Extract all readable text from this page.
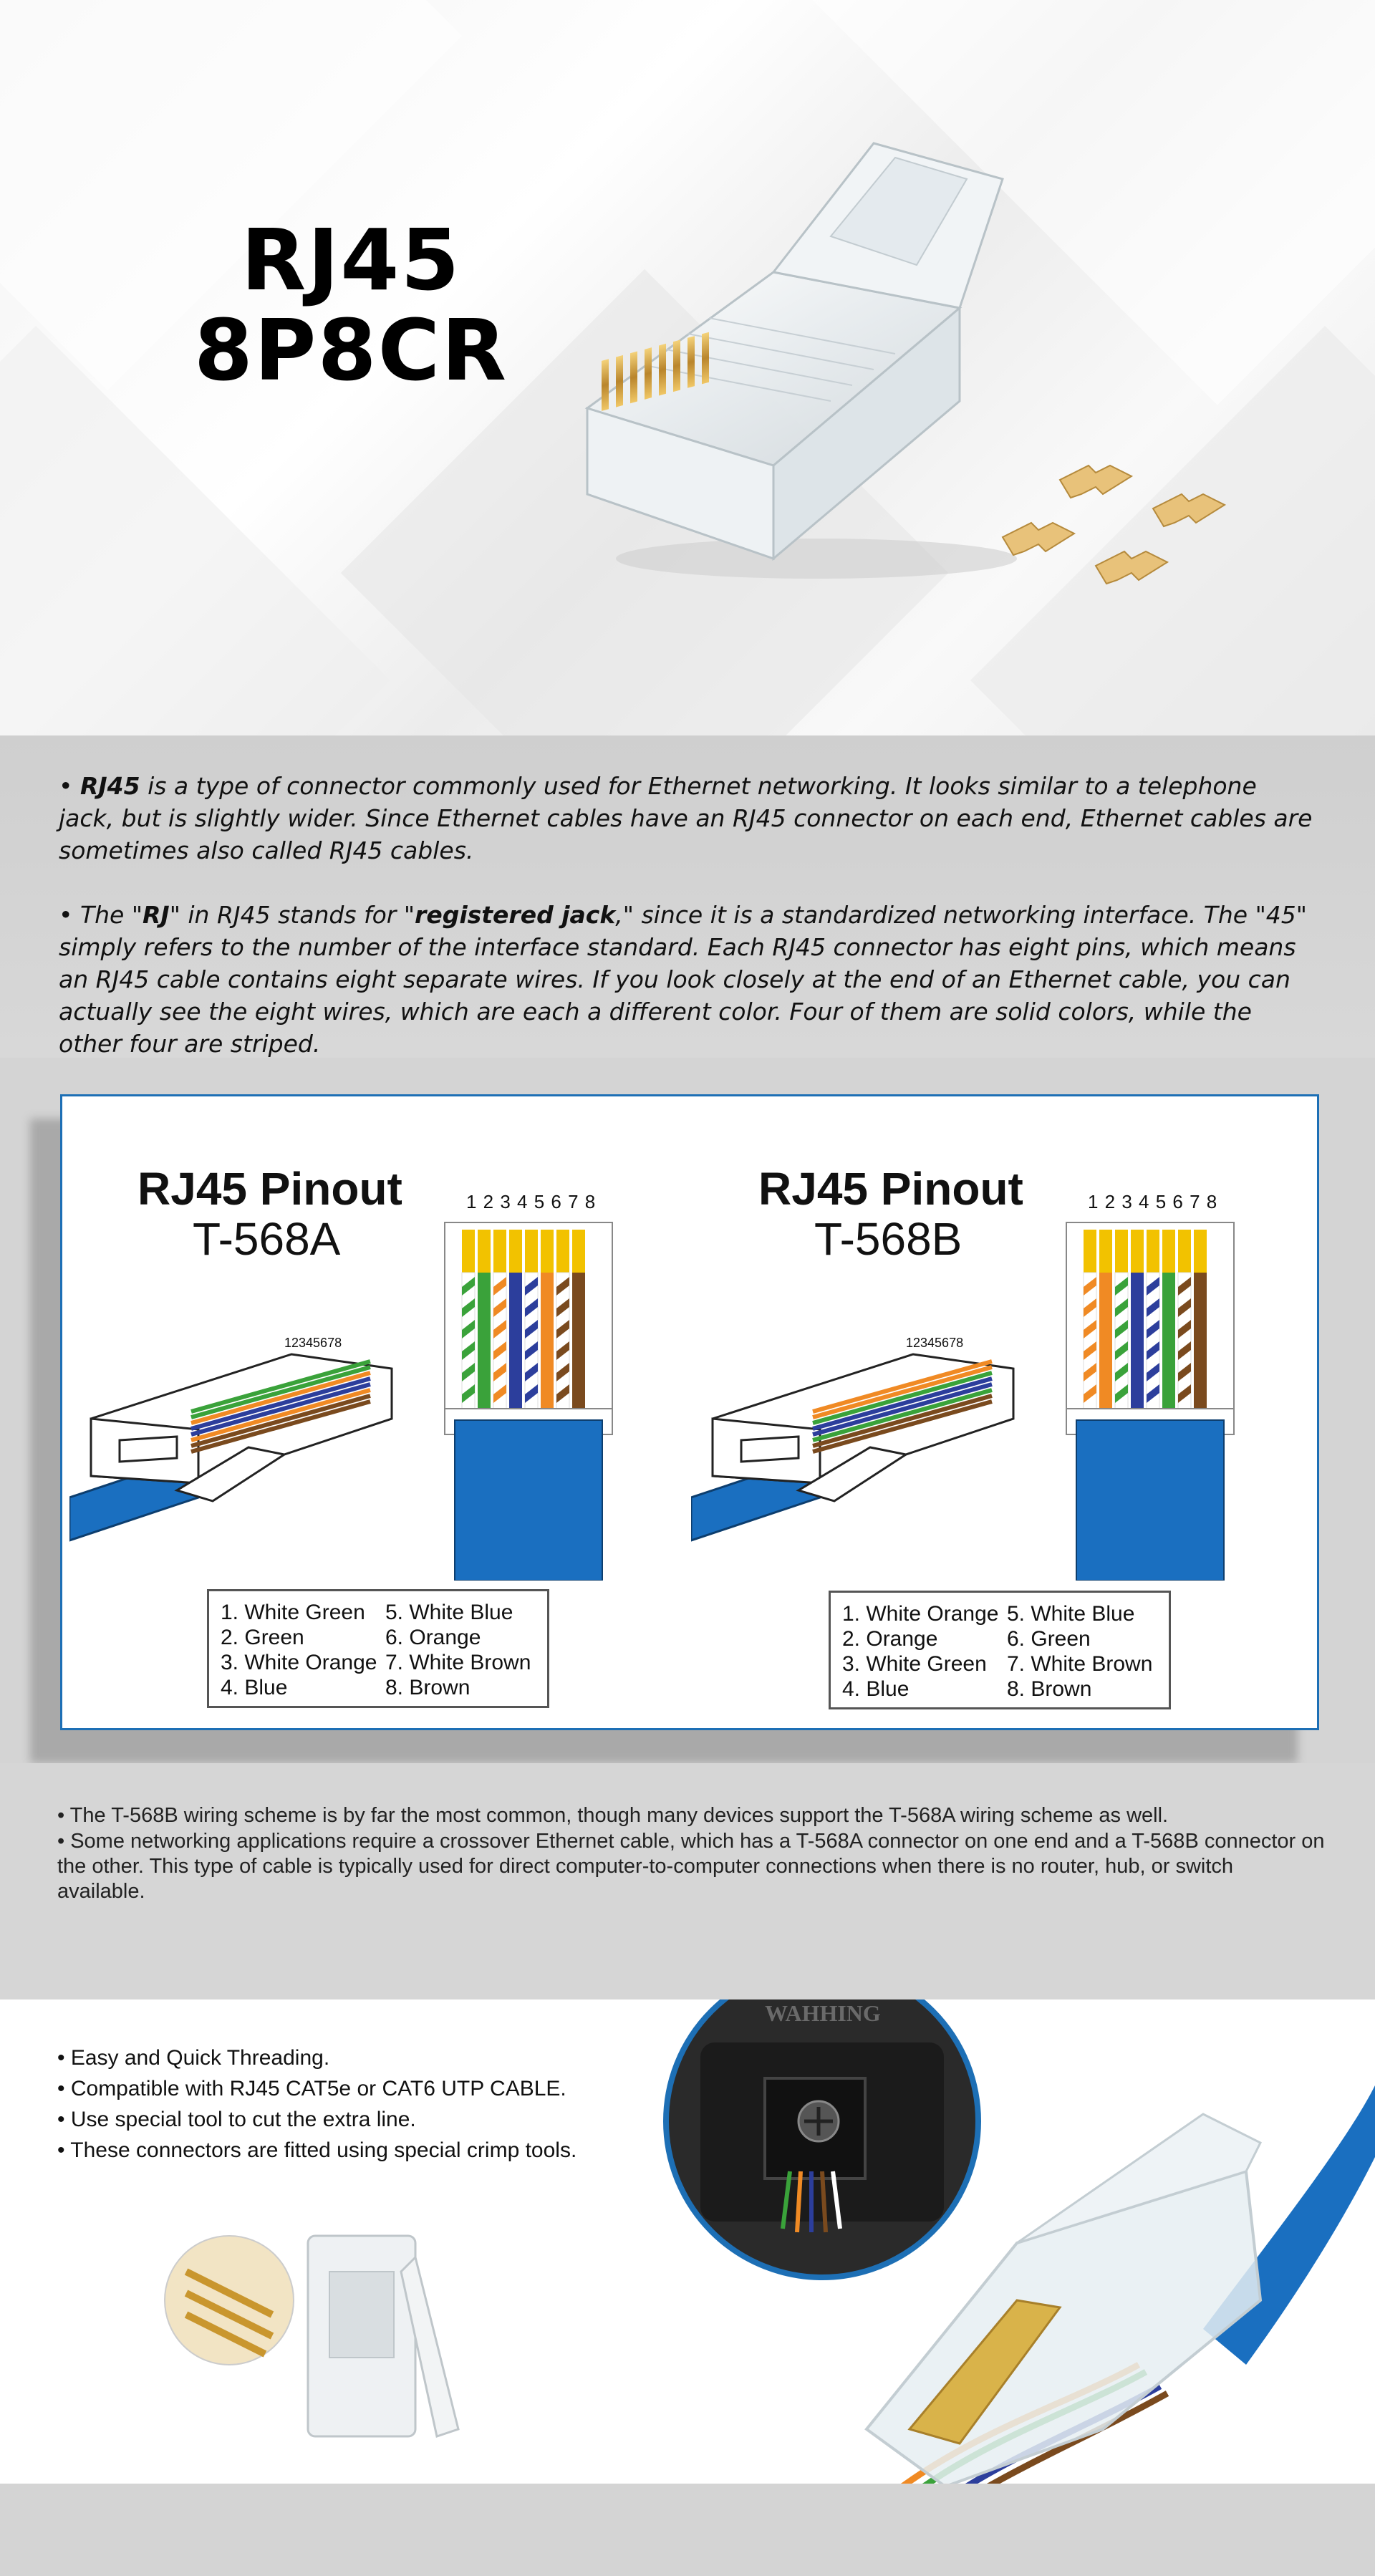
RJ45
8P8CR
• RJ45 is a type of connector commonly used for Ethernet networking. It looks similar to a telephone jack, but is slightly wider. Since Ethernet cables have an RJ45 connector on each end, Ethernet cables are sometimes also called RJ45 cables.
• The "RJ" in RJ45 stands for "registered jack," since it is a standardized networking interface. The "45" simply refers to the number of the interface standard. Each RJ45 connector has eight pins, which means an RJ45 cable contains eight separate wires. If you look closely at the end of an Ethernet cable, you can actually see the eight wires, which are each a different color. Four of them are solid colors, while the other four are striped.
RJ45 Pinout
T-568A
1 2 3 4 5 6 7 8
12345678
1. White Green
2. Green
3. White Orange
4. Blue
5. White Blue
6. Orange
7. White Brown
8. Brown
RJ45 Pinout
T-568B
1 2 3 4 5 6 7 8
12345678
1. White Orange
2. Orange
3. White Green
4. Blue
5. White Blue
6. Green
7. White Brown
8. Brown
• The T-568B wiring scheme is by far the most common, though many devices support the T-568A wiring scheme as well.
• Some networking applications require a crossover Ethernet cable, which has a T-568A connector on one end and a T-568B connector on the other. This type of cable is typically used for direct computer-to-computer connections when there is no router, hub, or switch available.
• Easy and Quick Threading.
• Compatible with RJ45 CAT5e or CAT6 UTP CABLE.
• Use special tool to cut the extra line.
• These connectors are fitted using special crimp tools.
WAHHING
